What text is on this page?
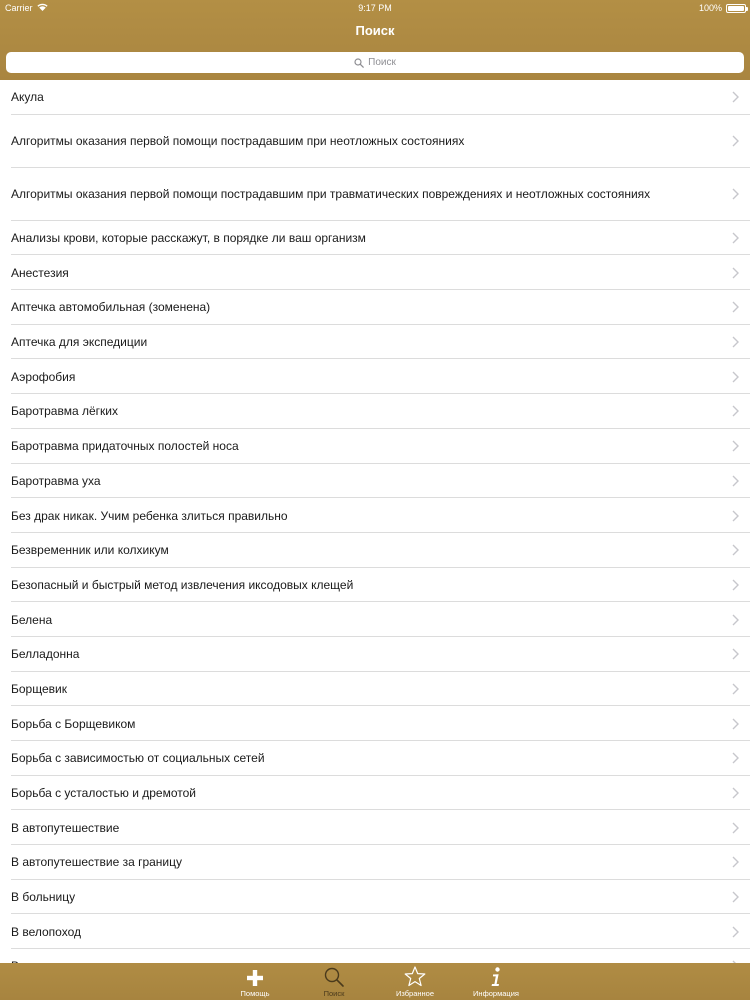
Carrier	9:17 PM	100%
Поиск
Поиск
Акула
Алгоритмы оказания первой помощи пострадавшим при неотложных состояниях
Алгоритмы оказания первой помощи пострадавшим при травматических повреждениях и неотложных состояниях
Анализы крови, которые расскажут, в порядке ли ваш организм
Анестезия
Аптечка автомобильная (зоменена)
Аптечка для экспедиции
Аэрофобия
Баротравма лёгких
Баротравма придаточных полостей носа
Баротравма уха
Без драк никак. Учим ребенка злиться правильно
Безвременник или колхикум
Безопасный и быстрый метод извлечения иксодовых клещей
Белена
Белладонна
Борщевик
Борьба с Борщевиком
Борьба с зависимостью от социальных сетей
Борьба с усталостью и дремотой
В автопутешествие
В автопутешествие за границу
В больницу
В велопоход
Помощь	Поиск	Избранное	Информация
